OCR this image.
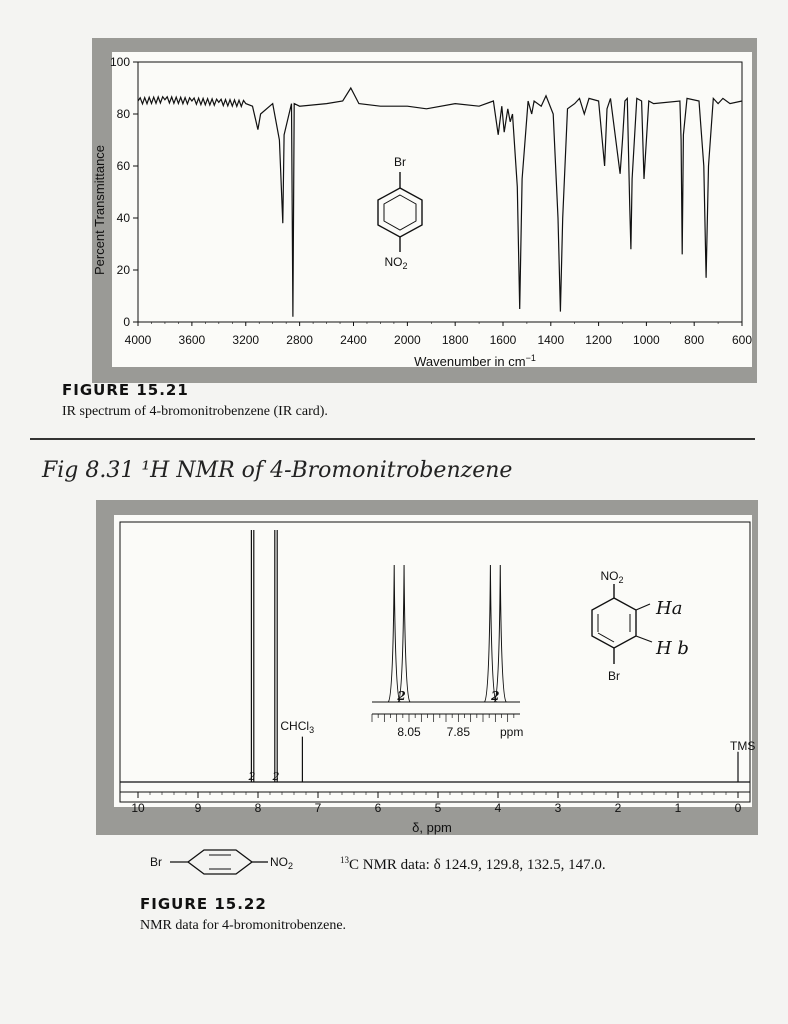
0
20
40
60
80
100
4000 3600 3200 2800 2400 2000 1800 1600 1400 1200 1000 800 600
Percent Transmittance
Wavenumber in $cm^{-1}$
Br
$NO_2$
FIGURE 15.21
IR spectrum of 4-bromonitrobenzene (IR card).
Fig 8.31 ¹H NMR of 4-Bromonitrobenzene
10	9	8	7	6	5	4	3	2	1	0
2 2
CHCl$_3$
TMS
8.05 7.85 ppm
2	2
δ, ppm
$NO_2$
Br
Ha
H b
Br	$NO_2$
$^{13}$C NMR data: δ 124.9, 129.8, 132.5, 147.0.
FIGURE 15.22
NMR data for 4-bromonitrobenzene.
